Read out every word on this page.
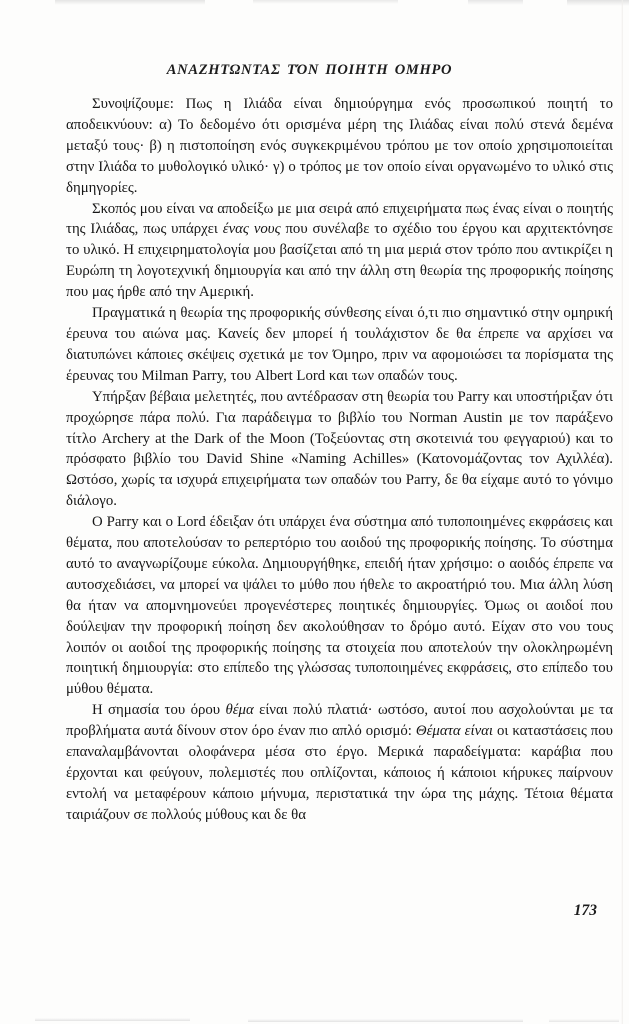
ΑΝΑΖΗΤΩΝΤΑΣ ΤΌΝ ΠΟΙΗΤΗ ΟΜΗΡΟ

Συνοψίζουμε: Πως η Ιλιάδα είναι δημιούργημα ενός προσωπικού ποιητή το αποδεικνύουν: α) Το δεδομένο ότι ορισμένα μέρη της Ιλιάδας είναι πολύ στενά δεμένα μεταξύ τους· β) η πιστοποίηση ενός συγκεκριμένου τρόπου με τον οποίο χρησιμοποιείται στην Ιλιάδα το μυθολογικό υλικό· γ) ο τρόπος με τον οποίο είναι οργανωμένο το υλικό στις δημηγορίες.

Σκοπός μου είναι να αποδείξω με μια σειρά από επιχειρήματα πως ένας είναι ο ποιητής της Ιλιάδας, πως υπάρχει ένας νους που συνέλαβε το σχέδιο του έργου και αρχιτεκτόνησε το υλικό. Η επιχειρηματολογία μου βασίζεται από τη μια μεριά στον τρόπο που αντικρίζει η Ευρώπη τη λογοτεχνική δημιουργία και από την άλλη στη θεωρία της προφορικής ποίησης που μας ήρθε από την Αμερική.

Πραγματικά η θεωρία της προφορικής σύνθεσης είναι ό,τι πιο σημαντικό στην ομηρική έρευνα του αιώνα μας. Κανείς δεν μπορεί ή τουλάχιστον δε θα έπρεπε να αρχίσει να διατυπώνει κάποιες σκέψεις σχετικά με τον Όμηρο, πριν να αφομοιώσει τα πορίσματα της έρευνας του Milman Parry, του Albert Lord και των οπαδών τους.

Υπήρξαν βέβαια μελετητές, που αντέδρασαν στη θεωρία του Parry και υποστήριξαν ότι προχώρησε πάρα πολύ. Για παράδειγμα το βιβλίο του Norman Austin με τον παράξενο τίτλο Archery at the Dark of the Moon (Τοξεύοντας στη σκοτεινιά του φεγγαριού) και το πρόσφατο βιβλίο του David Shine «Naming Achilles» (Κατονομάζοντας τον Αχιλλέα). Ωστόσο, χωρίς τα ισχυρά επιχειρήματα των οπαδών του Parry, δε θα είχαμε αυτό το γόνιμο διάλογο.

Ο Parry και ο Lord έδειξαν ότι υπάρχει ένα σύστημα από τυποποιημένες εκφράσεις και θέματα, που αποτελούσαν το ρεπερτόριο του αοιδού της προφορικής ποίησης. Το σύστημα αυτό το αναγνωρίζουμε εύκολα. Δημιουργήθηκε, επειδή ήταν χρήσιμο: ο αοιδός έπρεπε να αυτοσχεδιάσει, να μπορεί να ψάλει το μύθο που ήθελε το ακροατήριό του. Μια άλλη λύση θα ήταν να απομνημονεύει προγενέστερες ποιητικές δημιουργίες. Όμως οι αοιδοί που δούλεψαν την προφορική ποίηση δεν ακολούθησαν το δρόμο αυτό. Είχαν στο νου τους λοιπόν οι αοιδοί της προφορικής ποίησης τα στοιχεία που αποτελούν την ολοκληρωμένη ποιητική δημιουργία: στο επίπεδο της γλώσσας τυποποιημένες εκφράσεις, στο επίπεδο του μύθου θέματα.

Η σημασία του όρου θέμα είναι πολύ πλατιά· ωστόσο, αυτοί που ασχολούνται με τα προβλήματα αυτά δίνουν στον όρο έναν πιο απλό ορισμό: Θέματα είναι οι καταστάσεις που επαναλαμβάνονται ολοφάνερα μέσα στο έργο. Μερικά παραδείγματα: καράβια που έρχονται και φεύγουν, πολεμιστές που οπλίζονται, κάποιος ή κάποιοι κήρυκες παίρνουν εντολή να μεταφέρουν κάποιο μήνυμα, περιστατικά την ώρα της μάχης. Τέτοια θέματα ταιριάζουν σε πολλούς μύθους και δε θα

173
